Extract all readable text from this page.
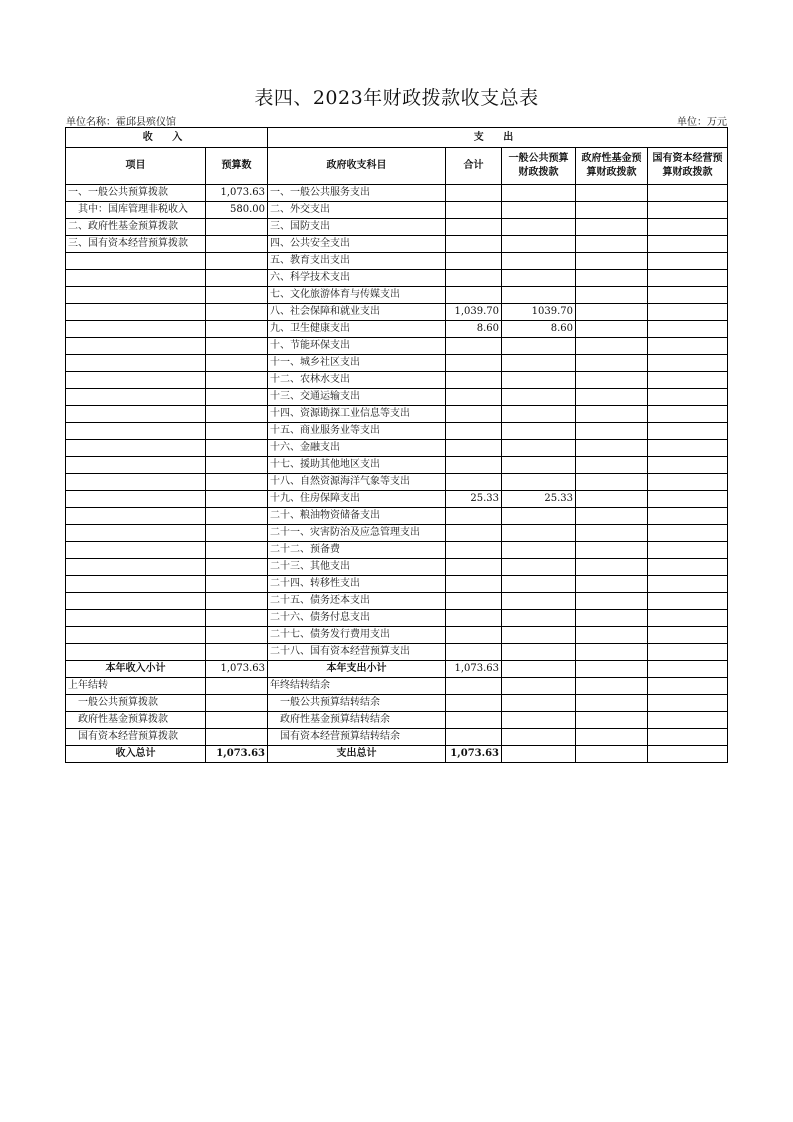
表四、2023年财政拨款收支总表
单位名称：霍邱县殡仪馆	单位：万元
收 入		支 出				
项目	预算数	政府收支科目	合计	一般公共预算财政拨款	政府性基金预算财政拨款	国有资本经营预算财政拨款
一、一般公共预算拨款	1,073.63	一、一般公共服务支出				
其中：国库管理非税收入	580.00	二、外交支出				
二、政府性基金预算拨款		三、国防支出				
三、国有资本经营预算拨款		四、公共安全支出				
		五、教育支出支出				
		六、科学技术支出				
		七、文化旅游体育与传媒支出				
		八、社会保障和就业支出	1,039.70	1039.70		
		九、卫生健康支出	8.60	8.60		
		十、节能环保支出				
		十一、城乡社区支出				
		十二、农林水支出				
		十三、交通运输支出				
		十四、资源勘探工业信息等支出				
		十五、商业服务业等支出				
		十六、金融支出				
		十七、援助其他地区支出				
		十八、自然资源海洋气象等支出				
		十九、住房保障支出	25.33	25.33		
		二十、粮油物资储备支出				
		二十一、灾害防治及应急管理支出				
		二十二、预备费				
		二十三、其他支出				
		二十四、转移性支出				
		二十五、债务还本支出				
		二十六、债务付息支出				
		二十七、债务发行费用支出				
		二十八、国有资本经营预算支出				
本年收入小计	1,073.63	本年支出小计	1,073.63			
上年结转		年终结转结余				
一般公共预算拨款		一般公共预算结转结余				
政府性基金预算拨款		政府性基金预算结转结余				
国有资本经营预算拨款		国有资本经营预算结转结余				
收入总计	1,073.63	支出总计	1,073.63			
